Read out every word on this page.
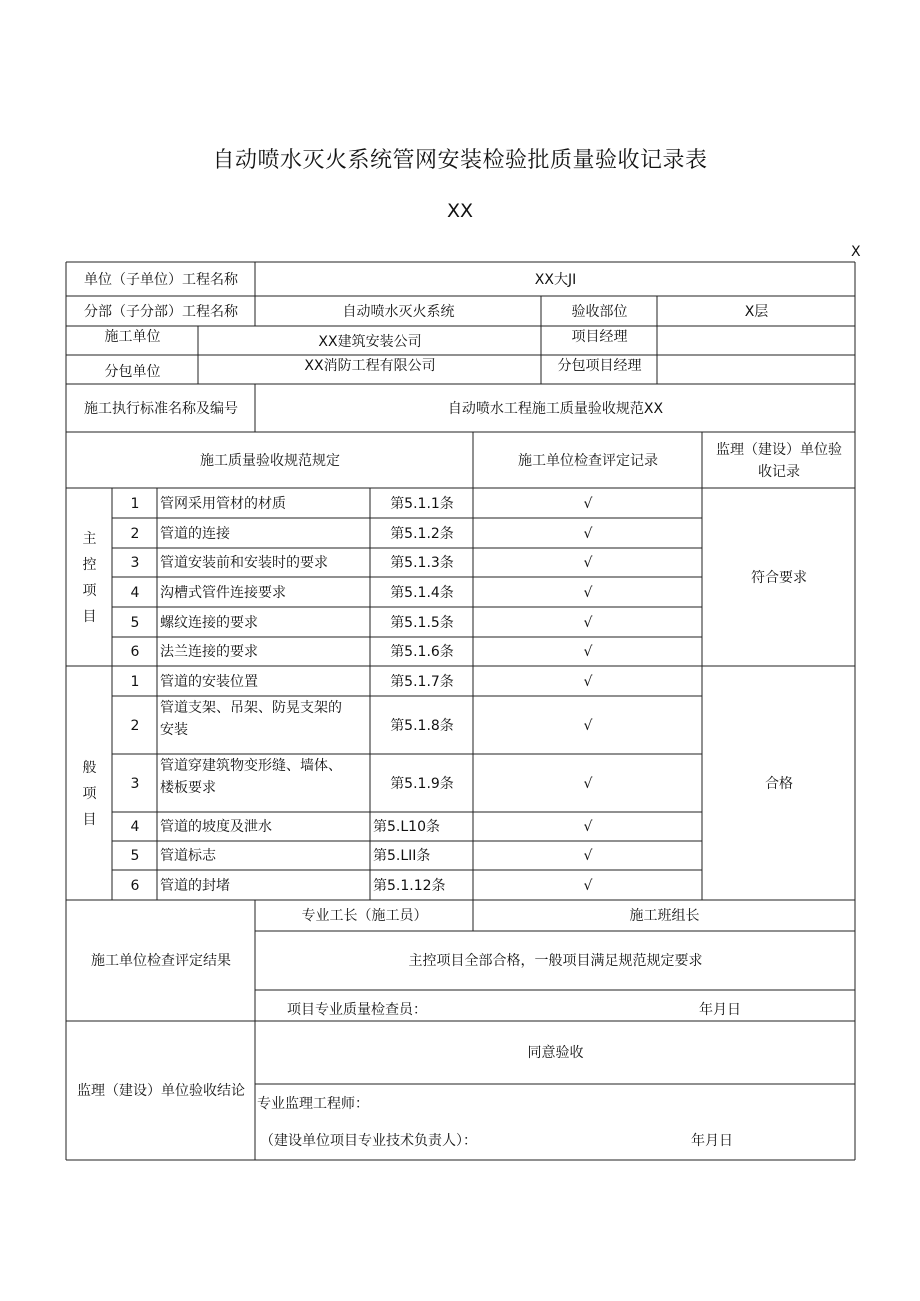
自动喷水灭火系统管网安装检验批质量验收记录表
XX
X
单位（子单位）工程名称	XX大JI
分部（子分部）工程名称	自动喷水灭火系统	验收部位	X层
施工单位	XX建筑安装公司	项目经理
分包单位	XX消防工程有限公司	分包项目经理
施工执行标准名称及编号	自动喷水工程施工质量验收规范XX
施工质量验收规范规定	施工单位检查评定记录
监理（建设）单位验
收记录
主
控
项
目
1	管网采用管材的材质	第5.1.1条	√
2	管道的连接	第5.1.2条	√
3	管道安装前和安装时的要求	第5.1.3条	√
4	沟槽式管件连接要求	第5.1.4条	√
5	螺纹连接的要求	第5.1.5条	√
6	法兰连接的要求	第5.1.6条	√
符合要求
般
项
目
1	管道的安装位置	第5.1.7条	√
2
管道支架、吊架、防晃支架的
安装	第5.1.8条	√
3
管道穿建筑物变形缝、墙体、
楼板要求	第5.1.9条	√
4	管道的坡度及泄水	第5.L10条	√
5	管道标志	第5.LII条	√
6	管道的封堵	第5.1.12条	√
合格
施工单位检查评定结果
专业工长（施工员）	施工班组长
主控项目全部合格，一般项目满足规范规定要求
项目专业质量检查员：	年月日
监理（建设）单位验收结论
同意验收
专业监理工程师：
（建设单位项目专业技术负责人）：	年月日
